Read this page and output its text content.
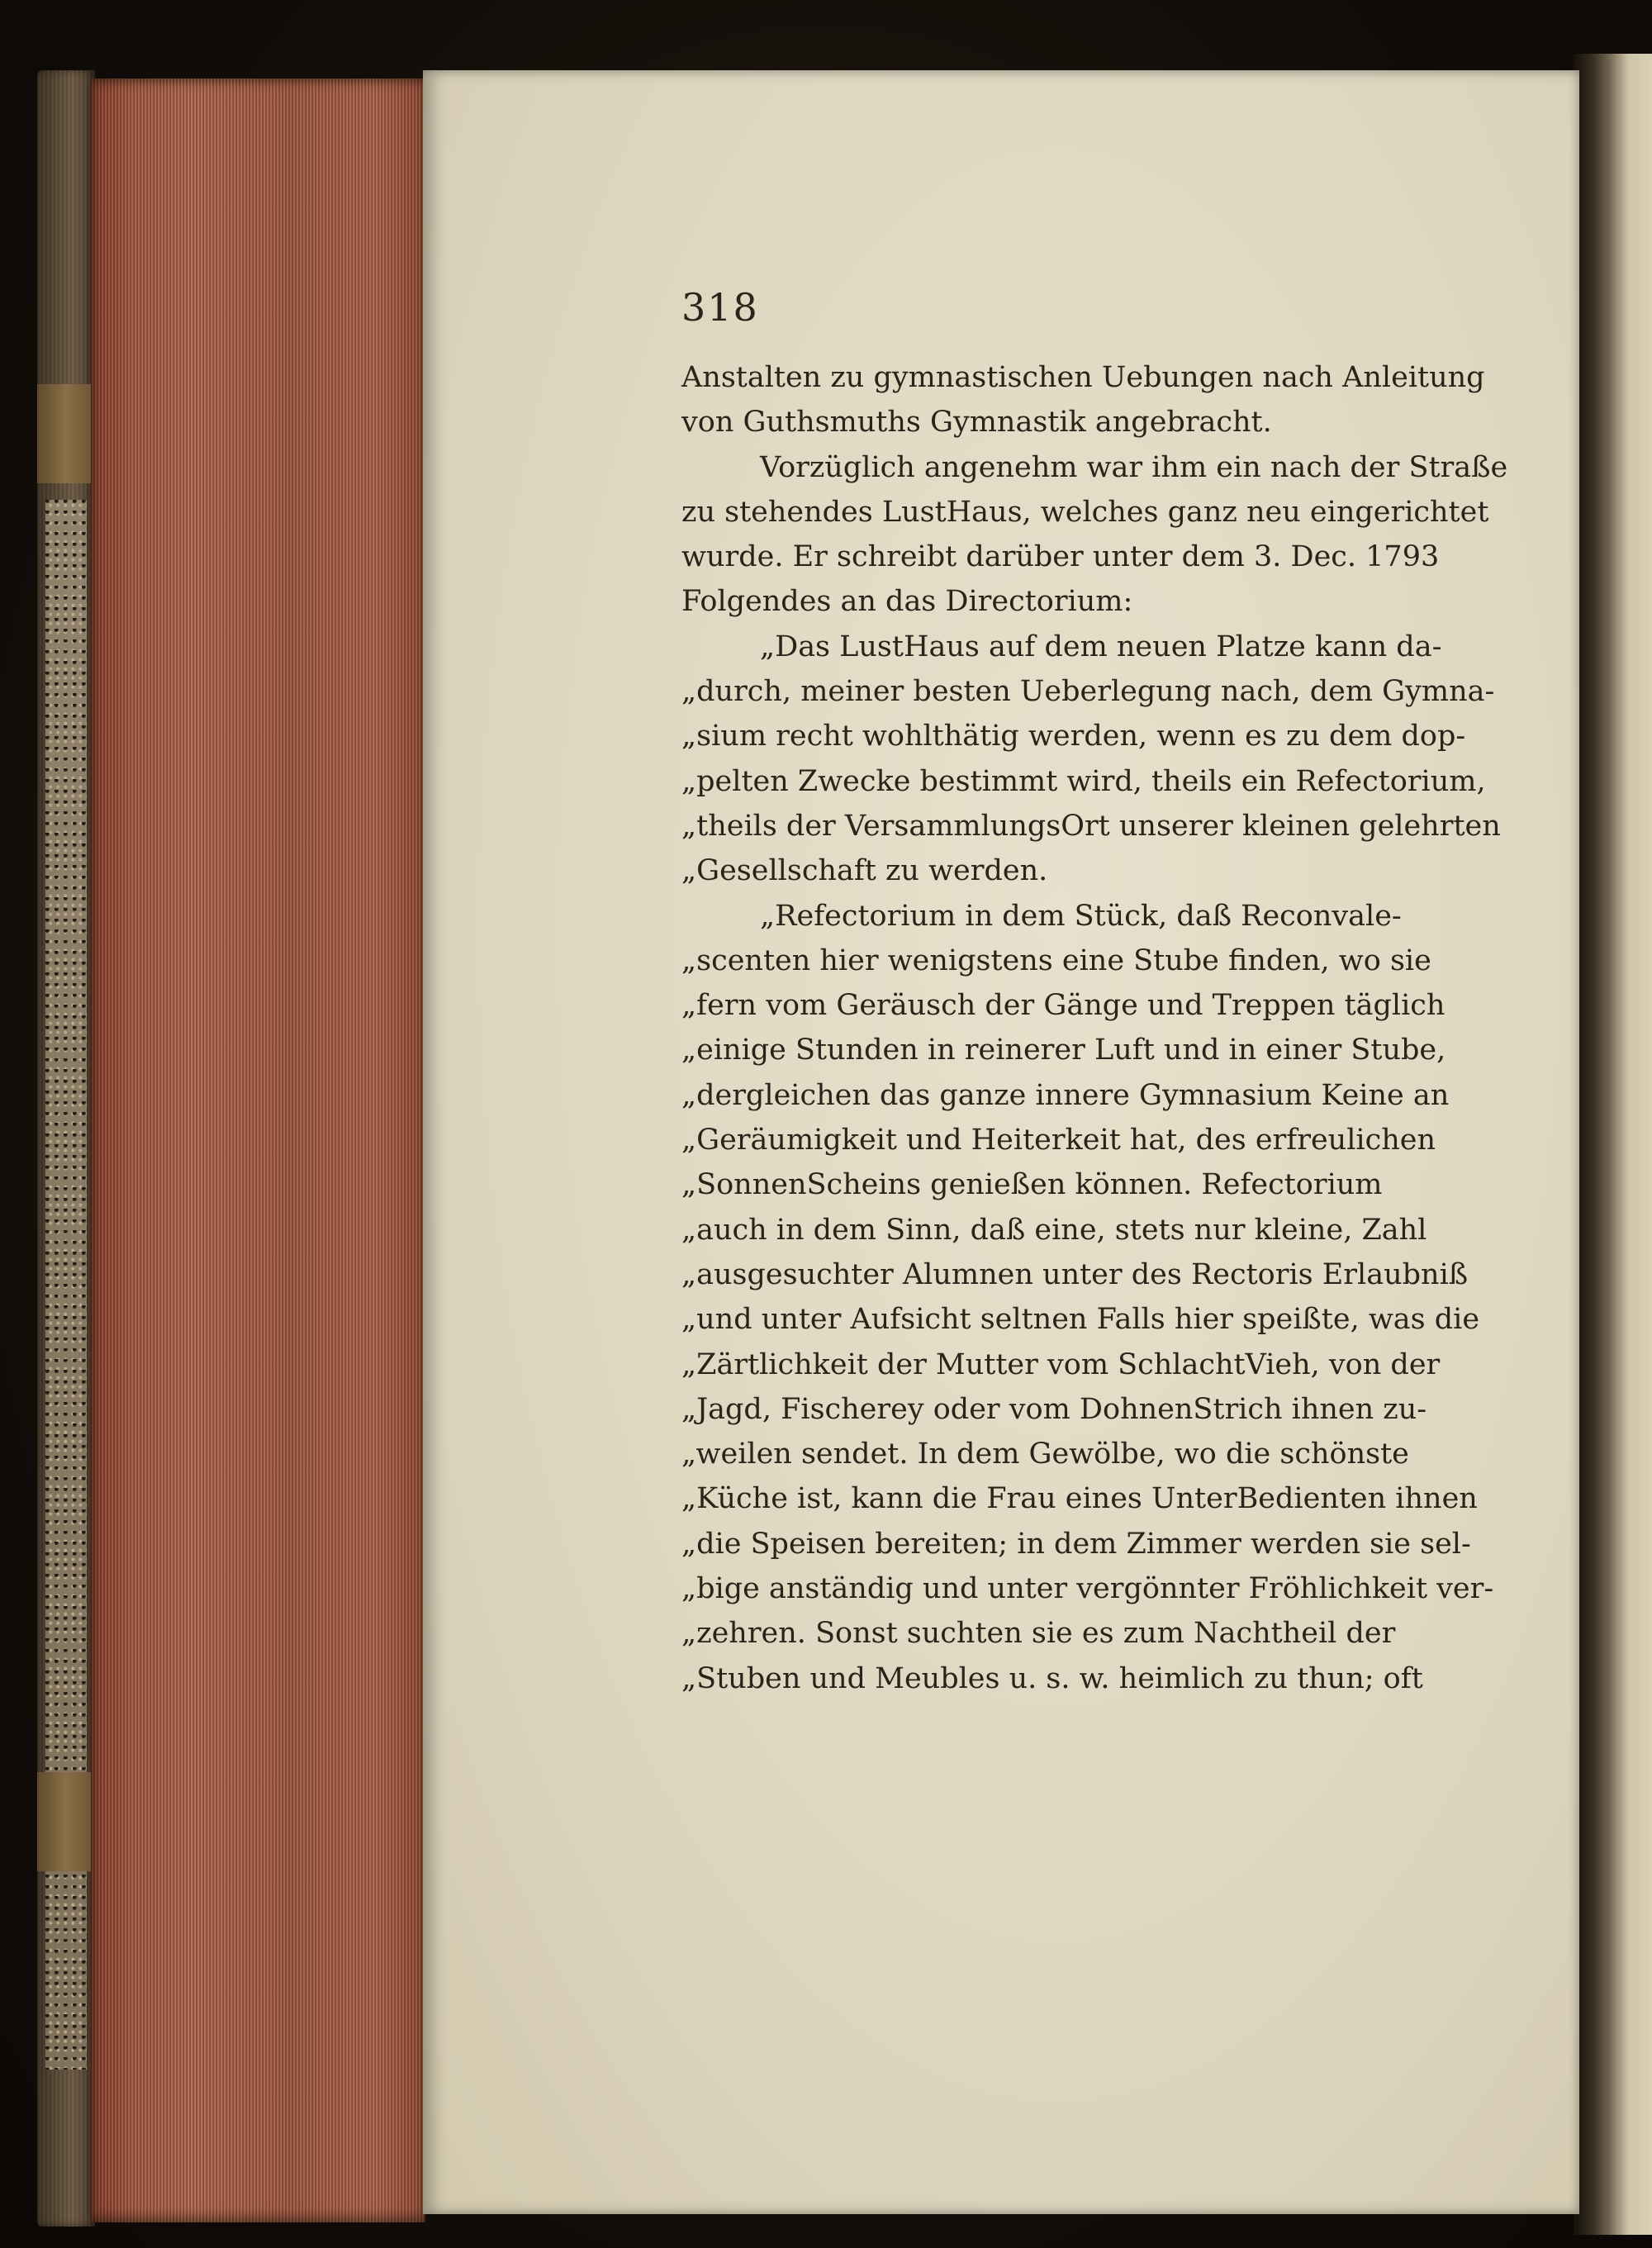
318

Anstalten zu gymnastischen Uebungen nach Anleitung

von Guthsmuths Gymnastik angebracht.

Vorzüglich angenehm war ihm ein nach der Straße

zu stehendes LustHaus, welches ganz neu eingerichtet

wurde. Er schreibt darüber unter dem 3. Dec. 1793

Folgendes an das Directorium:

„Das LustHaus auf dem neuen Platze kann da-

„durch, meiner besten Ueberlegung nach, dem Gymna-

„sium recht wohlthätig werden, wenn es zu dem dop-

„pelten Zwecke bestimmt wird, theils ein Refectorium,

„theils der VersammlungsOrt unserer kleinen gelehrten

„Gesellschaft zu werden.

„Refectorium in dem Stück, daß Reconvale-

„scenten hier wenigstens eine Stube finden, wo sie

„fern vom Geräusch der Gänge und Treppen täglich

„einige Stunden in reinerer Luft und in einer Stube,

„dergleichen das ganze innere Gymnasium Keine an

„Geräumigkeit und Heiterkeit hat, des erfreulichen

„SonnenScheins genießen können. Refectorium

„auch in dem Sinn, daß eine, stets nur kleine, Zahl

„ausgesuchter Alumnen unter des Rectoris Erlaubniß

„und unter Aufsicht seltnen Falls hier speißte, was die

„Zärtlichkeit der Mutter vom SchlachtVieh, von der

„Jagd, Fischerey oder vom DohnenStrich ihnen zu-

„weilen sendet. In dem Gewölbe, wo die schönste

„Küche ist, kann die Frau eines UnterBedienten ihnen

„die Speisen bereiten; in dem Zimmer werden sie sel-

„bige anständig und unter vergönnter Fröhlichkeit ver-

„zehren. Sonst suchten sie es zum Nachtheil der

„Stuben und Meubles u. s. w. heimlich zu thun; oft
